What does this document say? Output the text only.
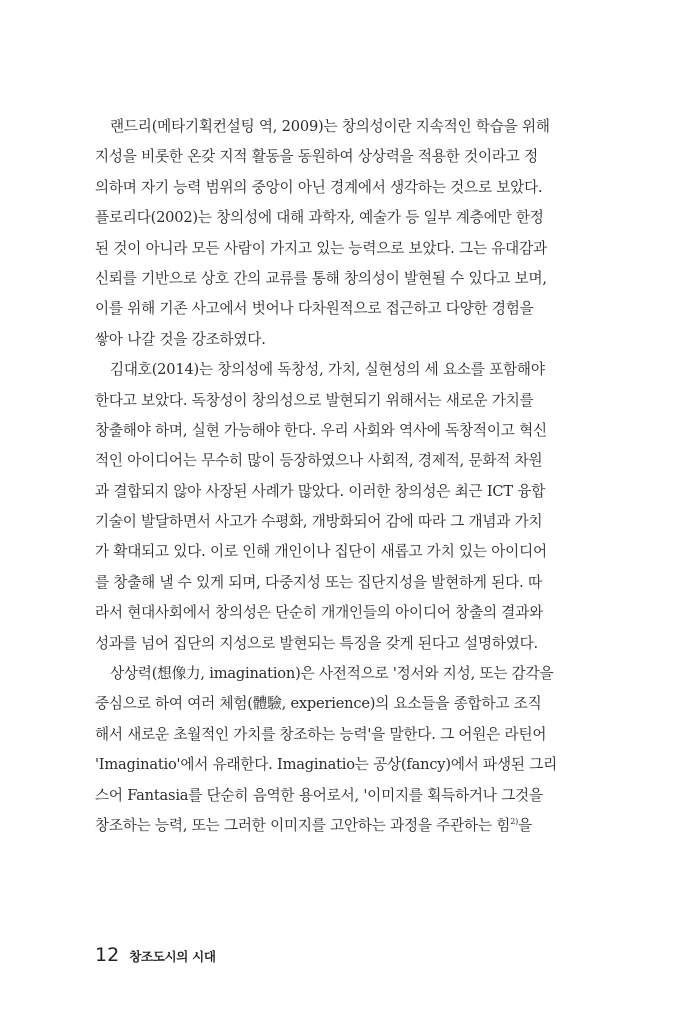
랜드리(메타기획컨설팅 역, 2009)는 창의성이란 지속적인 학습을 위해
지성을 비롯한 온갖 지적 활동을 동원하여 상상력을 적용한 것이라고 정
의하며 자기 능력 범위의 중앙이 아닌 경계에서 생각하는 것으로 보았다.
플로리다(2002)는 창의성에 대해 과학자, 예술가 등 일부 계층에만 한정
된 것이 아니라 모든 사람이 가지고 있는 능력으로 보았다. 그는 유대감과
신뢰를 기반으로 상호 간의 교류를 통해 창의성이 발현될 수 있다고 보며,
이를 위해 기존 사고에서 벗어나 다차원적으로 접근하고 다양한 경험을
쌓아 나갈 것을 강조하였다.
김대호(2014)는 창의성에 독창성, 가치, 실현성의 세 요소를 포함해야
한다고 보았다. 독창성이 창의성으로 발현되기 위해서는 새로운 가치를
창출해야 하며, 실현 가능해야 한다. 우리 사회와 역사에 독창적이고 혁신
적인 아이디어는 무수히 많이 등장하였으나 사회적, 경제적, 문화적 차원
과 결합되지 않아 사장된 사례가 많았다. 이러한 창의성은 최근 ICT 융합
기술이 발달하면서 사고가 수평화, 개방화되어 감에 따라 그 개념과 가치
가 확대되고 있다. 이로 인해 개인이나 집단이 새롭고 가치 있는 아이디어
를 창출해 낼 수 있게 되며, 다중지성 또는 집단지성을 발현하게 된다. 따
라서 현대사회에서 창의성은 단순히 개개인들의 아이디어 창출의 결과와
성과를 넘어 집단의 지성으로 발현되는 특징을 갖게 된다고 설명하였다.
상상력(想像力, imagination)은 사전적으로 '정서와 지성, 또는 감각을
중심으로 하여 여러 체험(體驗, experience)의 요소들을 종합하고 조직
해서 새로운 초월적인 가치를 창조하는 능력'을 말한다. 그 어원은 라틴어
'Imaginatio'에서 유래한다. Imaginatio는 공상(fancy)에서 파생된 그리
스어 Fantasia를 단순히 음역한 용어로서, '이미지를 획득하거나 그것을
창조하는 능력, 또는 그러한 이미지를 고안하는 과정을 주관하는 힘$^{2)}$을
12 창조도시의 시대
